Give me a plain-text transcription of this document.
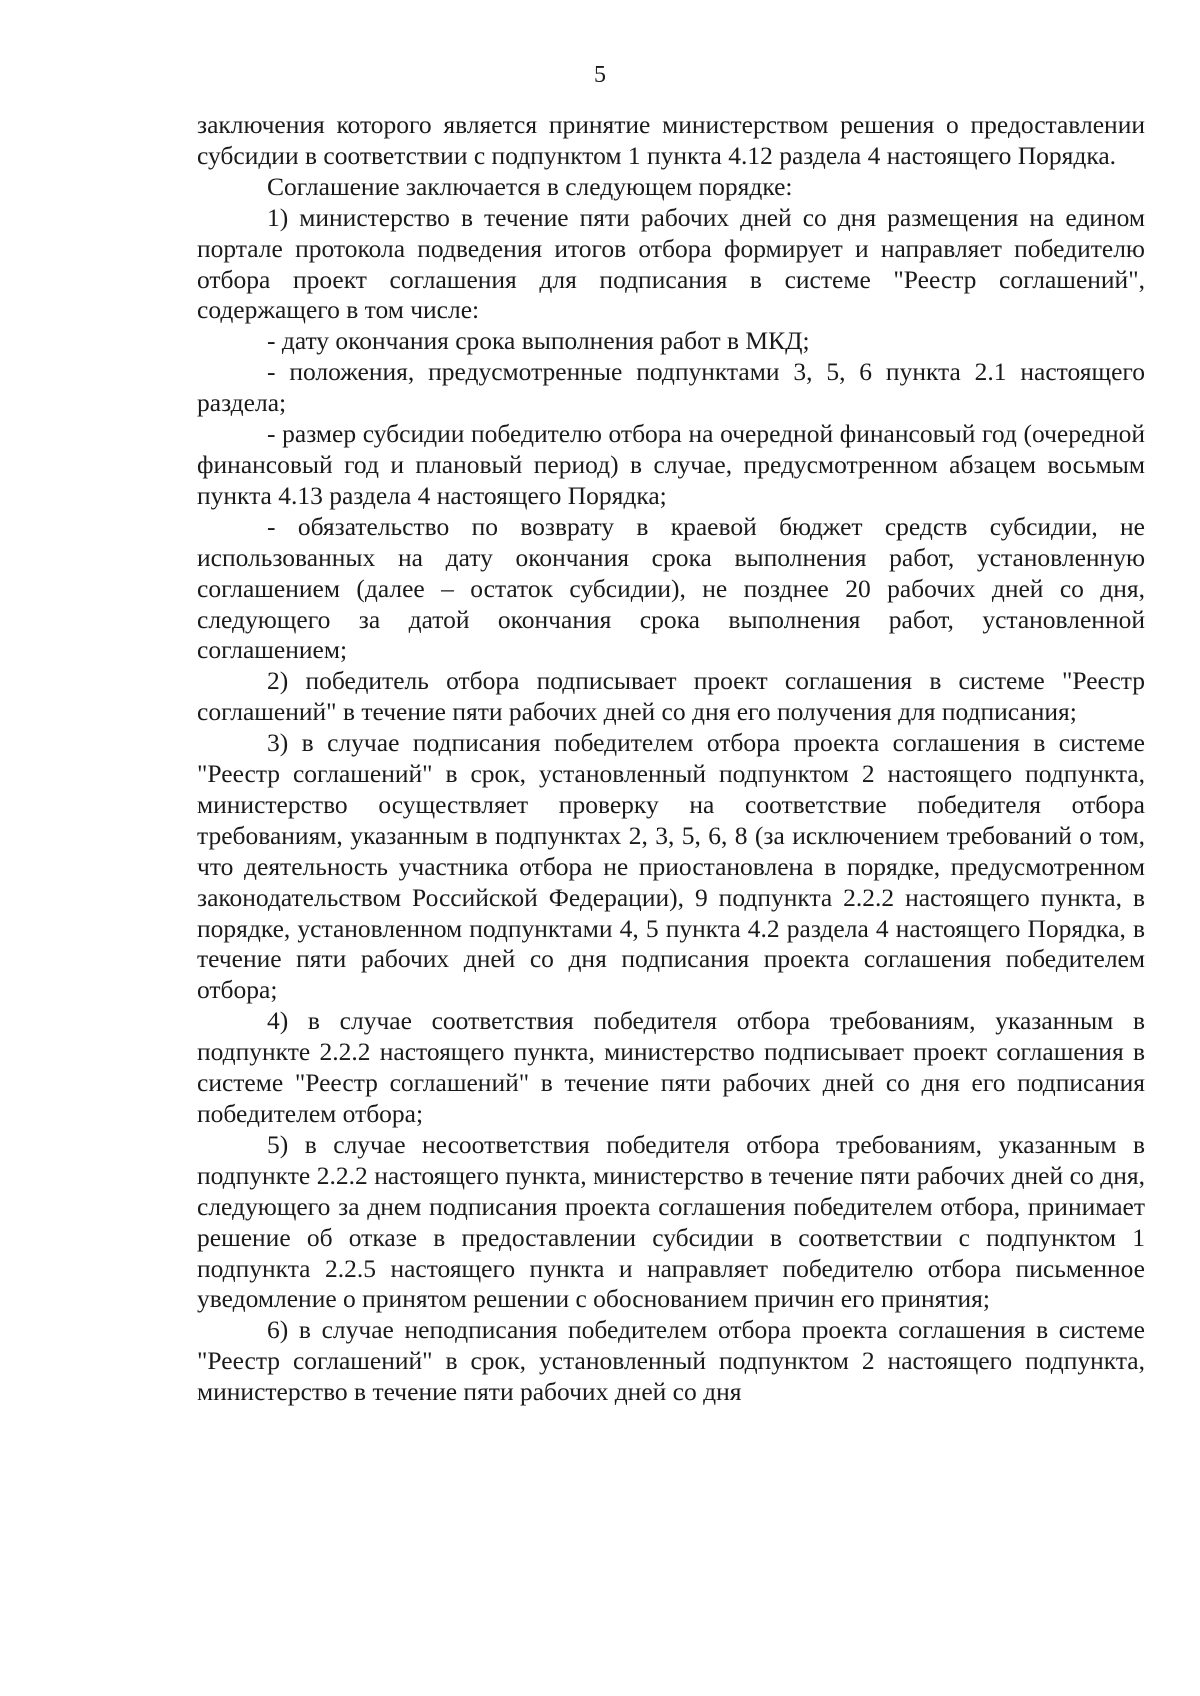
5

заключения которого является принятие министерством решения о предоставлении субсидии в соответствии с подпунктом 1 пункта 4.12 раздела 4 настоящего Порядка.

Соглашение заключается в следующем порядке:

1) министерство в течение пяти рабочих дней со дня размещения на едином портале протокола подведения итогов отбора формирует и направляет победителю отбора проект соглашения для подписания в системе "Реестр соглашений", содержащего в том числе:

- дату окончания срока выполнения работ в МКД;

- положения, предусмотренные подпунктами 3, 5, 6 пункта 2.1 настоящего раздела;

- размер субсидии победителю отбора на очередной финансовый год (очередной финансовый год и плановый период) в случае, предусмотренном абзацем восьмым пункта 4.13 раздела 4 настоящего Порядка;

- обязательство по возврату в краевой бюджет средств субсидии, не использованных на дату окончания срока выполнения работ, установленную соглашением (далее – остаток субсидии), не позднее 20 рабочих дней со дня, следующего за датой окончания срока выполнения работ, установленной соглашением;

2) победитель отбора подписывает проект соглашения в системе "Реестр соглашений" в течение пяти рабочих дней со дня его получения для подписания;

3) в случае подписания победителем отбора проекта соглашения в системе "Реестр соглашений" в срок, установленный подпунктом 2 настоящего подпункта, министерство осуществляет проверку на соответствие победителя отбора требованиям, указанным в подпунктах 2, 3, 5, 6, 8 (за исключением требований о том, что деятельность участника отбора не приостановлена в порядке, предусмотренном законодательством Российской Федерации), 9 подпункта 2.2.2 настоящего пункта, в порядке, установленном подпунктами 4, 5 пункта 4.2 раздела 4 настоящего Порядка, в течение пяти рабочих дней со дня подписания проекта соглашения победителем отбора;

4) в случае соответствия победителя отбора требованиям, указанным в подпункте 2.2.2 настоящего пункта, министерство подписывает проект соглашения в системе "Реестр соглашений" в течение пяти рабочих дней со дня его подписания победителем отбора;

5) в случае несоответствия победителя отбора требованиям, указанным в подпункте 2.2.2 настоящего пункта, министерство в течение пяти рабочих дней со дня, следующего за днем подписания проекта соглашения победителем отбора, принимает решение об отказе в предоставлении субсидии в соответствии с подпунктом 1 подпункта 2.2.5 настоящего пункта и направляет победителю отбора письменное уведомление о принятом решении с обоснованием причин его принятия;

6) в случае неподписания победителем отбора проекта соглашения в системе "Реестр соглашений" в срок, установленный подпунктом 2 настоящего подпункта, министерство в течение пяти рабочих дней со дня
